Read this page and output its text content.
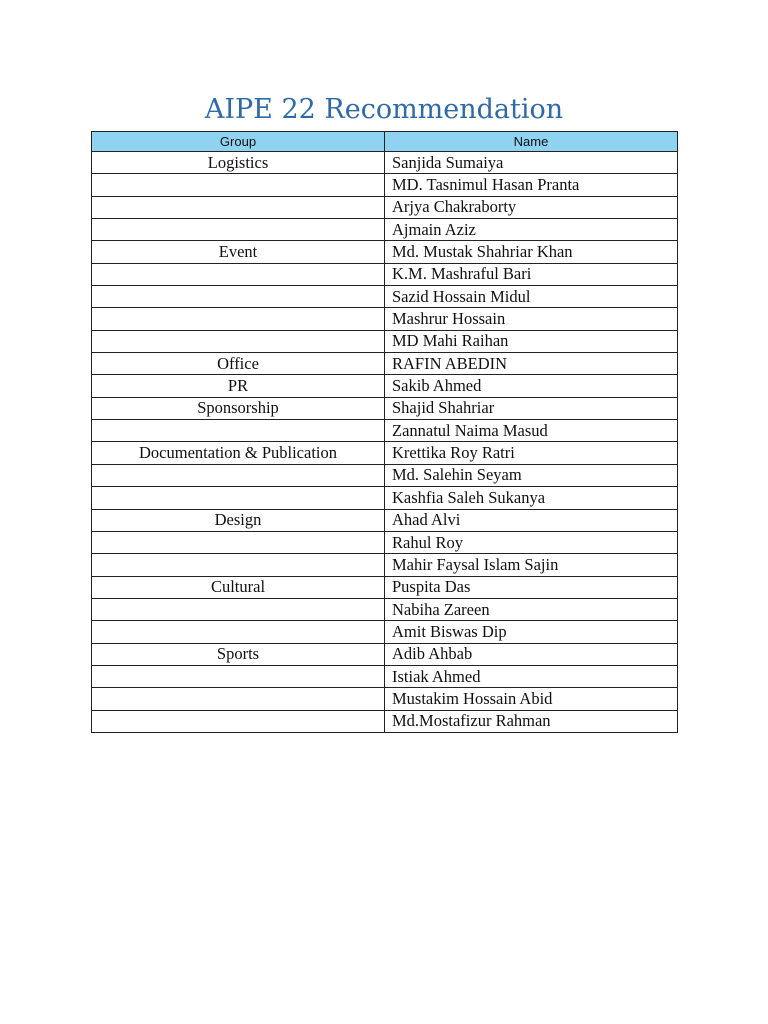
AIPE 22 Recommendation
Group	Name
Logistics	Sanjida Sumaiya
	MD. Tasnimul Hasan Pranta
	Arjya Chakraborty
	Ajmain Aziz
Event	Md. Mustak Shahriar Khan
	K.M. Mashraful Bari
	Sazid Hossain Midul
	Mashrur Hossain
	MD Mahi Raihan
Office	RAFIN ABEDIN
PR	Sakib Ahmed
Sponsorship	Shajid Shahriar
	Zannatul Naima Masud
Documentation & Publication	Krettika Roy Ratri
	Md. Salehin Seyam
	Kashfia Saleh Sukanya
Design	Ahad Alvi
	Rahul Roy
	Mahir Faysal Islam Sajin
Cultural	Puspita Das
	Nabiha Zareen
	Amit Biswas Dip
Sports	Adib Ahbab
	Istiak Ahmed
	Mustakim Hossain Abid
	Md.Mostafizur Rahman
